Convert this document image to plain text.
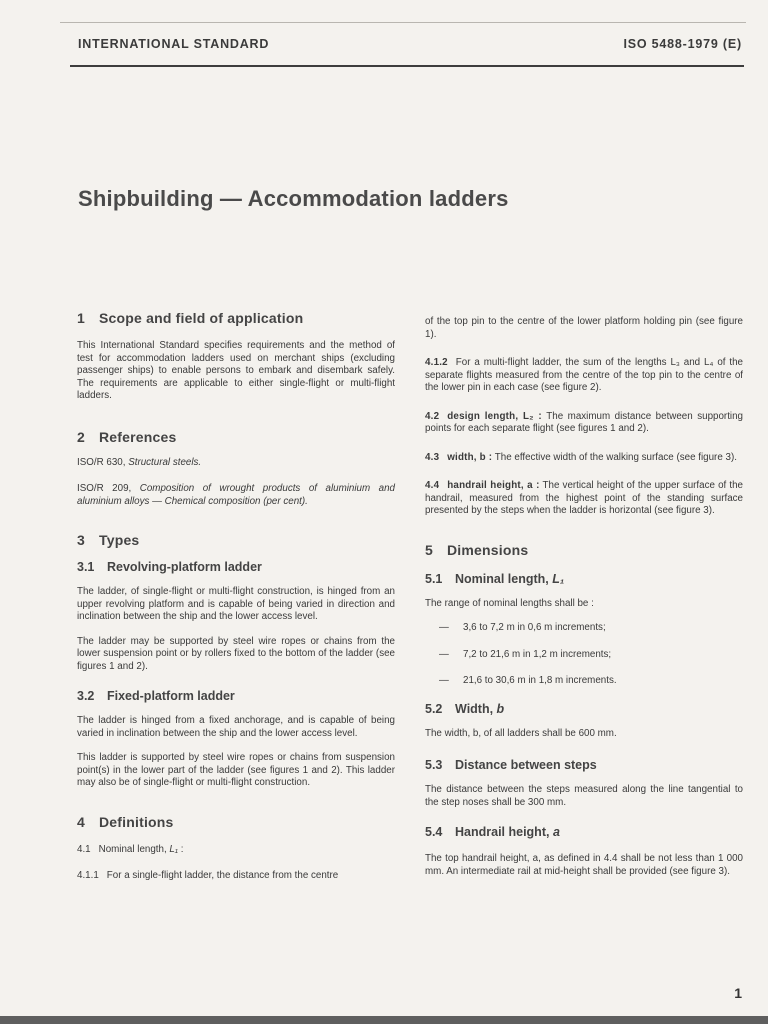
INTERNATIONAL STANDARD	ISO 5488-1979 (E)
Shipbuilding — Accommodation ladders
1 Scope and field of application

This International Standard specifies requirements and the method of test for accommodation ladders used on merchant ships (excluding passenger ships) to enable persons to embark and disembark safely. The requirements are applicable to either single-flight or multi-flight ladders.

2 References

ISO/R 630, Structural steels.

ISO/R 209, Composition of wrought products of aluminium and aluminium alloys — Chemical composition (per cent).

3 Types
3.1 Revolving-platform ladder

The ladder, of single-flight or multi-flight construction, is hinged from an upper revolving platform and is capable of being varied in direction and inclination between the ship and the lower access level.

The ladder may be supported by steel wire ropes or chains from the lower suspension point or by rollers fixed to the bottom of the ladder (see figures 1 and 2).

3.2 Fixed-platform ladder

The ladder is hinged from a fixed anchorage, and is capable of being varied in inclination between the ship and the lower access level.

This ladder is supported by steel wire ropes or chains from suspension point(s) in the lower part of the ladder (see figures 1 and 2). This ladder may also be of single-flight or multi-flight construction.

4 Definitions

4.1 Nominal length, L₁ :

4.1.1 For a single-flight ladder, the distance from the centre

of the top pin to the centre of the lower platform holding pin (see figure 1).

4.1.2 For a multi-flight ladder, the sum of the lengths L₃ and L₄ of the separate flights measured from the centre of the top pin to the centre of the lower pin in each case (see figure 2).

4.2 design length, L₂ : The maximum distance between supporting points for each separate flight (see figures 1 and 2).

4.3 width, b : The effective width of the walking surface (see figure 3).

4.4 handrail height, a : The vertical height of the upper surface of the handrail, measured from the highest point of the standing surface presented by the steps when the ladder is horizontal (see figure 3).

5 Dimensions
5.1 Nominal length, L₁

The range of nominal lengths shall be :

—	3,6 to 7,2 m in 0,6 m increments;
—	7,2 to 21,6 m in 1,2 m increments;
—	21,6 to 30,6 m in 1,8 m increments.
5.2 Width, b

The width, b, of all ladders shall be 600 mm.

5.3 Distance between steps

The distance between the steps measured along the line tangential to the step noses shall be 300 mm.

5.4 Handrail height, a

The top handrail height, a, as defined in 4.4 shall be not less than 1 000 mm. An intermediate rail at mid-height shall be provided (see figure 3).

1
